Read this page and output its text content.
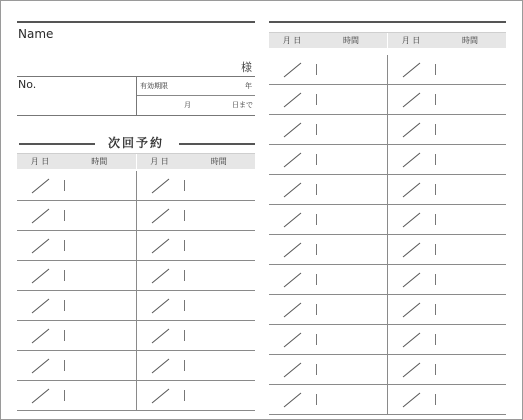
Name
様
No.	有効期限	年
月	日まで
次回予約
月 日	時間	月 日	時間
月 日	時間	月 日	時間
